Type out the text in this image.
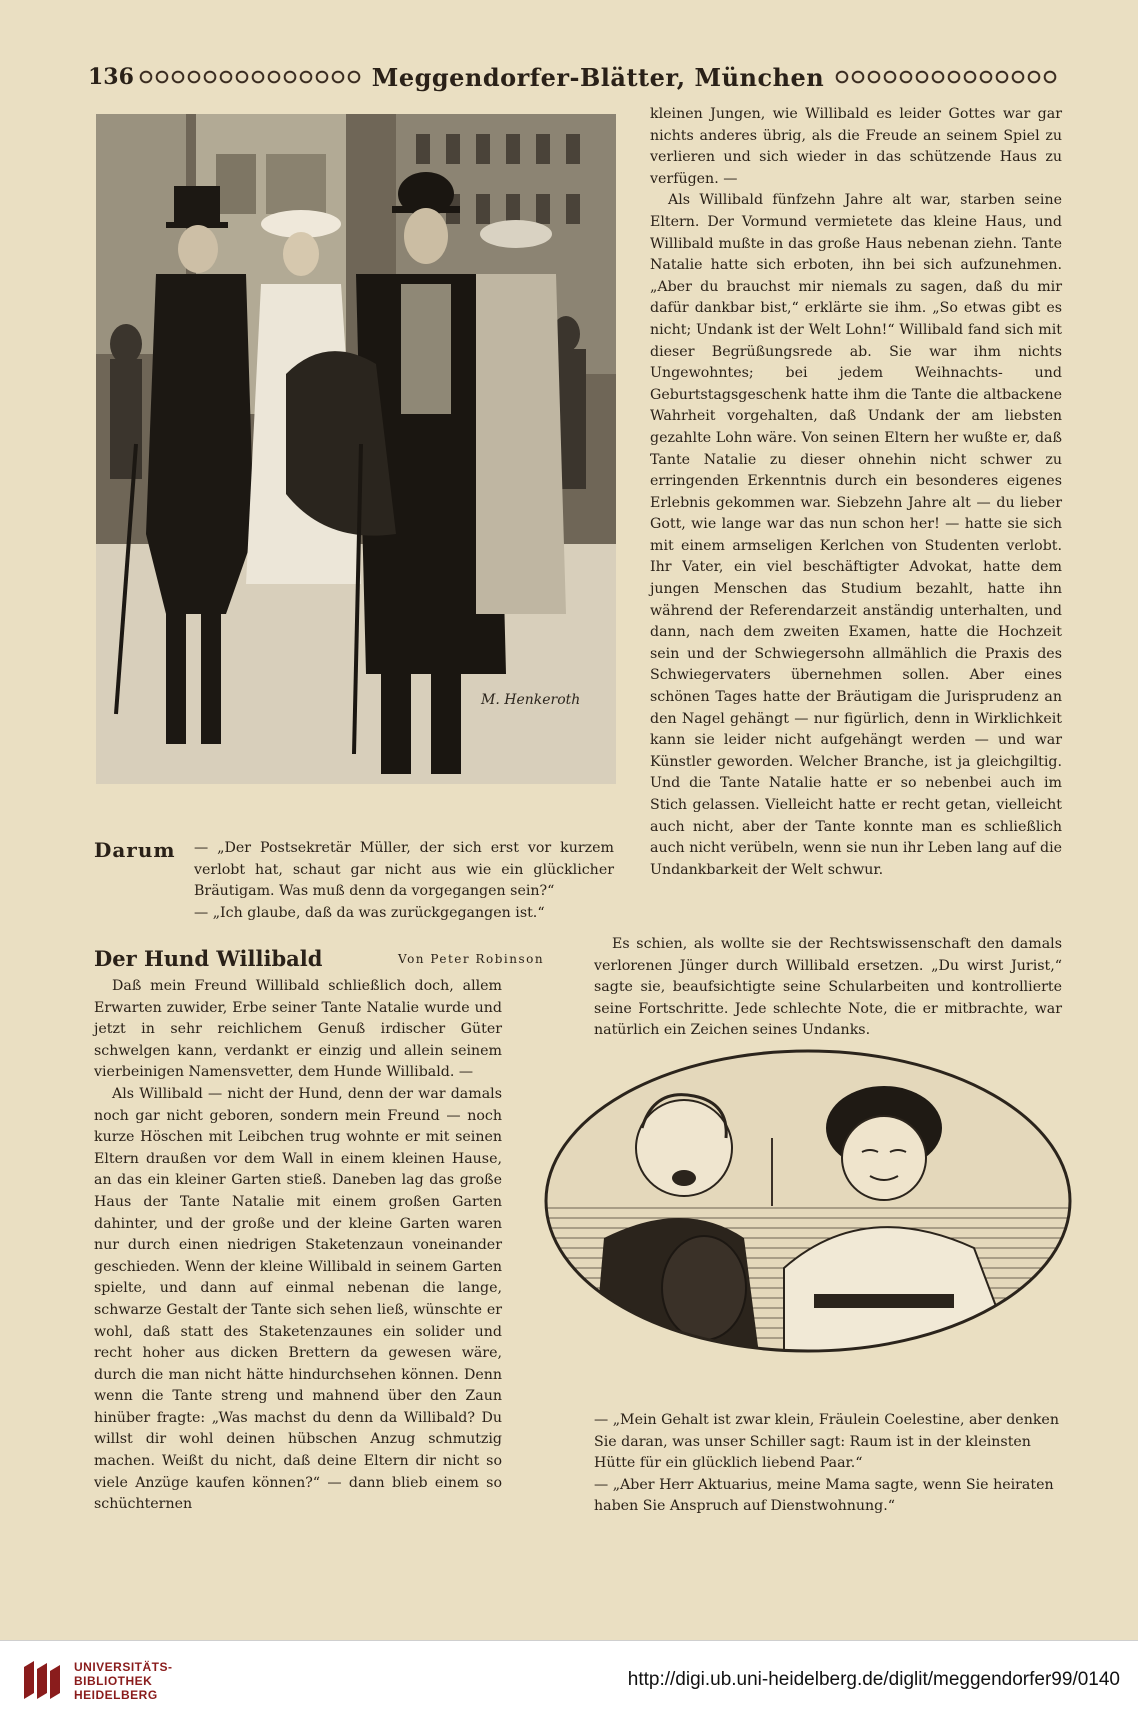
136	Meggendorfer-Blätter, München
M. Henkeroth
Darum — „Der Postsekretär Müller, der sich erst vor kurzem verlobt hat, schaut gar nicht aus wie ein glücklicher Bräutigam. Was muß denn da vorgegangen sein?“

— „Ich glaube, daß da was zurückgegangen ist.“

Der Hund Willibald	Von Peter Robinson

Daß mein Freund Willibald schließlich doch, allem Erwarten zuwider, Erbe seiner Tante Natalie wurde und jetzt in sehr reichlichem Genuß irdischer Güter schwelgen kann, verdankt er einzig und allein seinem vierbeinigen Namensvetter, dem Hunde Willibald. —

Als Willibald — nicht der Hund, denn der war damals noch gar nicht geboren, sondern mein Freund — noch kurze Höschen mit Leibchen trug wohnte er mit seinen Eltern draußen vor dem Wall in einem kleinen Hause, an das ein kleiner Garten stieß. Daneben lag das große Haus der Tante Natalie mit einem großen Garten dahinter, und der große und der kleine Garten waren nur durch einen niedrigen Staketenzaun voneinander geschieden. Wenn der kleine Willibald in seinem Garten spielte, und dann auf einmal nebenan die lange, schwarze Gestalt der Tante sich sehen ließ, wünschte er wohl, daß statt des Staketenzaunes ein solider und recht hoher aus dicken Brettern da gewesen wäre, durch die man nicht hätte hindurchsehen können. Denn wenn die Tante streng und mahnend über den Zaun hinüber fragte: „Was machst du denn da Willibald? Du willst dir wohl deinen hübschen Anzug schmutzig machen. Weißt du nicht, daß deine Eltern dir nicht so viele Anzüge kaufen können?“ — dann blieb einem so schüchternen

kleinen Jungen, wie Willibald es leider Gottes war gar nichts anderes übrig, als die Freude an seinem Spiel zu verlieren und sich wieder in das schützende Haus zu verfügen. —

Als Willibald fünfzehn Jahre alt war, starben seine Eltern. Der Vormund vermietete das kleine Haus, und Willibald mußte in das große Haus nebenan ziehn. Tante Natalie hatte sich erboten, ihn bei sich aufzunehmen. „Aber du brauchst mir niemals zu sagen, daß du mir dafür dankbar bist,“ erklärte sie ihm. „So etwas gibt es nicht; Undank ist der Welt Lohn!“ Willibald fand sich mit dieser Begrüßungsrede ab. Sie war ihm nichts Ungewohntes; bei jedem Weihnachts- und Geburtstagsgeschenk hatte ihm die Tante die altbackene Wahrheit vorgehalten, daß Undank der am liebsten gezahlte Lohn wäre. Von seinen Eltern her wußte er, daß Tante Natalie zu dieser ohnehin nicht schwer zu erringenden Erkenntnis durch ein besonderes eigenes Erlebnis gekommen war. Siebzehn Jahre alt — du lieber Gott, wie lange war das nun schon her! — hatte sie sich mit einem armseligen Kerlchen von Studenten verlobt. Ihr Vater, ein viel beschäftigter Advokat, hatte dem jungen Menschen das Studium bezahlt, hatte ihn während der Referendarzeit anständig unterhalten, und dann, nach dem zweiten Examen, hatte die Hochzeit sein und der Schwiegersohn allmählich die Praxis des Schwiegervaters übernehmen sollen. Aber eines schönen Tages hatte der Bräutigam die Jurisprudenz an den Nagel gehängt — nur figürlich, denn in Wirklichkeit kann sie leider nicht aufgehängt werden — und war Künstler geworden. Welcher Branche, ist ja gleichgiltig. Und die Tante Natalie hatte er so nebenbei auch im Stich gelassen. Vielleicht hatte er recht getan, vielleicht auch nicht, aber der Tante konnte man es schließlich auch nicht verübeln, wenn sie nun ihr Leben lang auf die Undankbarkeit der Welt schwur.

Es schien, als wollte sie der Rechtswissenschaft den damals verlorenen Jünger durch Willibald ersetzen. „Du wirst Jurist,“ sagte sie, beaufsichtigte seine Schularbeiten und kontrollierte seine Fortschritte. Jede schlechte Note, die er mitbrachte, war natürlich ein Zeichen seines Undanks.

— „Mein Gehalt ist zwar klein, Fräulein Coelestine, aber denken Sie daran, was unser Schiller sagt: Raum ist in der kleinsten Hütte für ein glücklich liebend Paar.“

— „Aber Herr Aktuarius, meine Mama sagte, wenn Sie heiraten haben Sie Anspruch auf Dienstwohnung.“

UNIVERSITÄTS-
BIBLIOTHEK
HEIDELBERG
http://digi.ub.uni-heidelberg.de/diglit/meggendorfer99/0140
